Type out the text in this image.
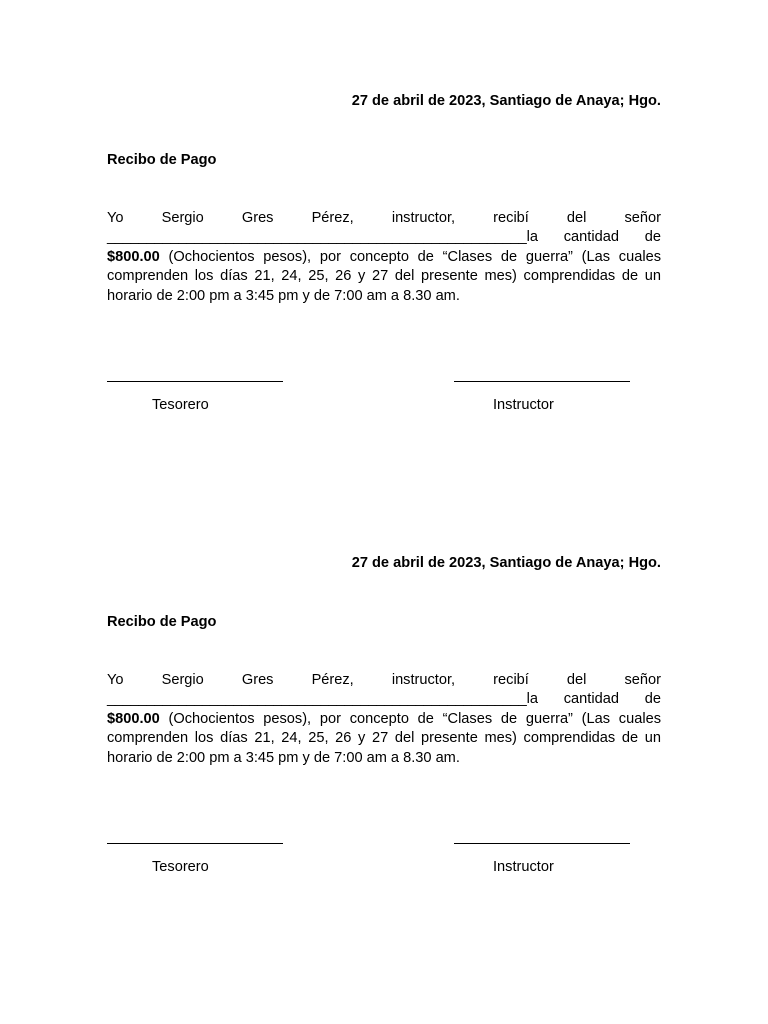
27 de abril de 2023, Santiago de Anaya; Hgo.
Recibo de Pago

Yo Sergio Gres Pérez, instructor, recibí del señor _____________________________________________________la cantidad de $800.00 (Ochocientos pesos), por concepto de “Clases de guerra” (Las cuales comprenden los días 21, 24, 25, 26 y 27 del presente mes) comprendidas de un horario de 2:00 pm a 3:45 pm y de 7:00 am a 8.30 am.

Tesorero	Instructor
27 de abril de 2023, Santiago de Anaya; Hgo.
Recibo de Pago

Yo Sergio Gres Pérez, instructor, recibí del señor _____________________________________________________la cantidad de $800.00 (Ochocientos pesos), por concepto de “Clases de guerra” (Las cuales comprenden los días 21, 24, 25, 26 y 27 del presente mes) comprendidas de un horario de 2:00 pm a 3:45 pm y de 7:00 am a 8.30 am.

Tesorero	Instructor
